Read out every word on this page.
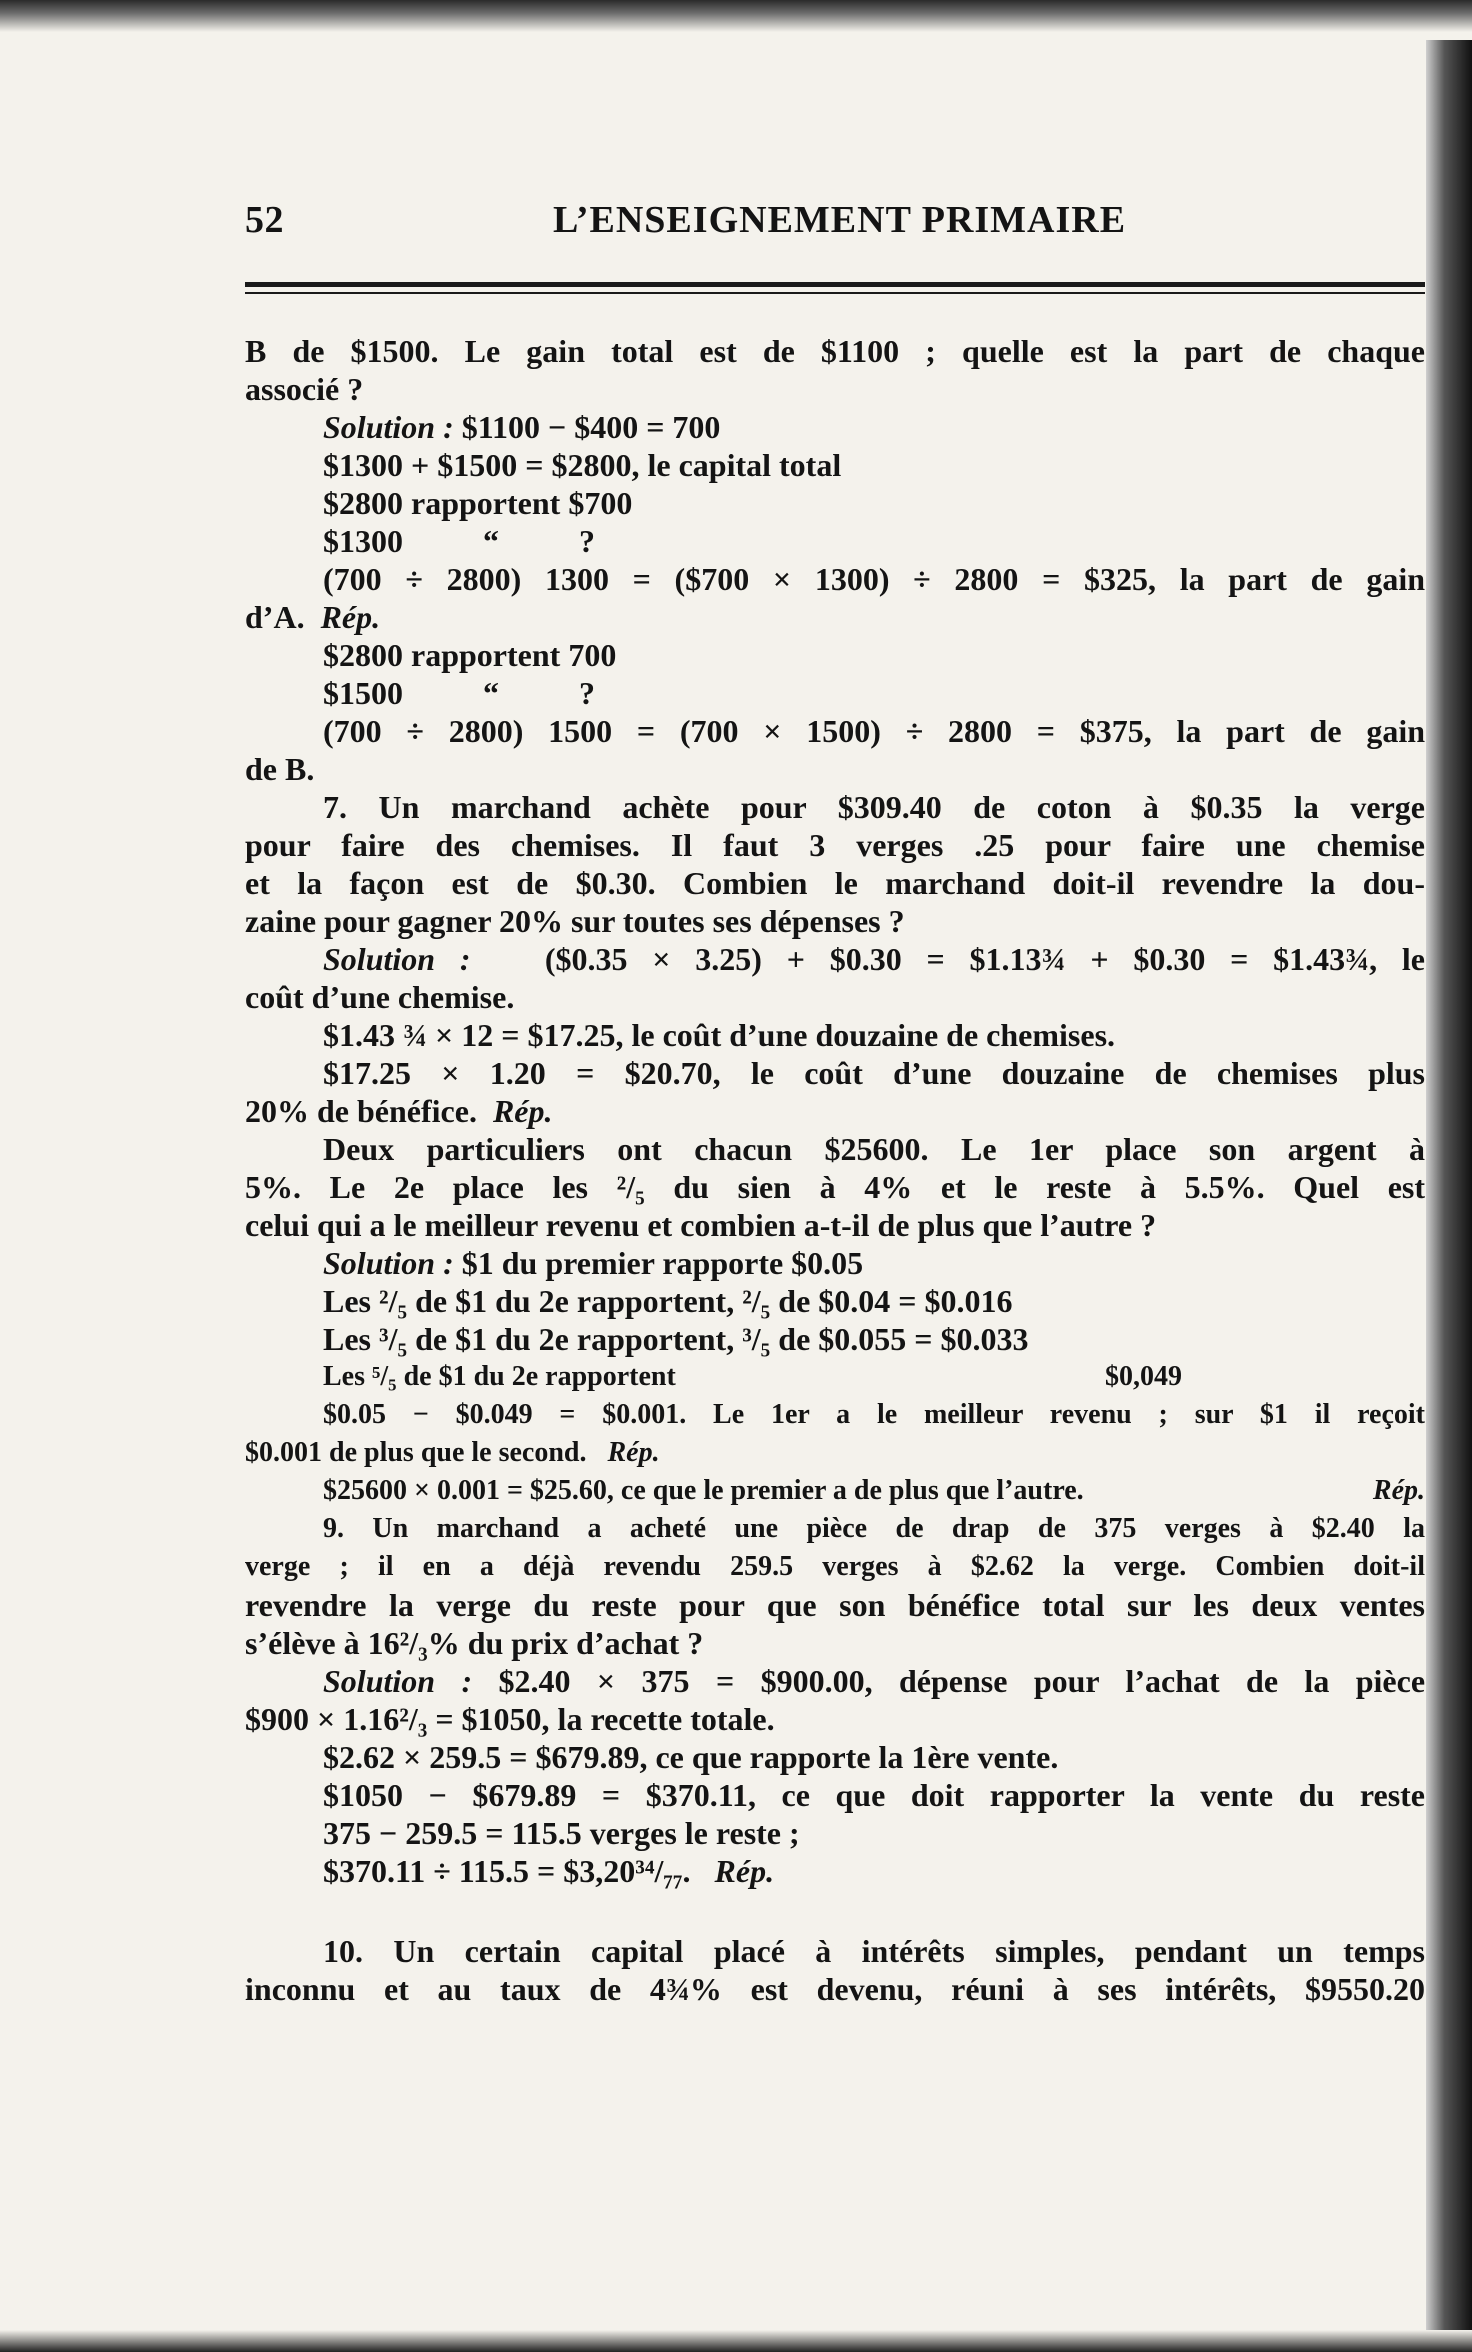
52	L’ENSEIGNEMENT PRIMAIRE
B de $1500. Le gain total est de $1100 ; quelle est la part de chaque
associé ?
Solution : $1100 − $400 = 700
$1300 + $1500 = $2800, le capital total
$2800 rapportent $700
$1300          “          ?
(700 ÷ 2800) 1300 = ($700 × 1300) ÷ 2800 = $325, la part de gain
d’A. Rép.
$2800 rapportent 700
$1500          “          ?
(700 ÷ 2800) 1500 = (700 × 1500) ÷ 2800 = $375, la part de gain
de B.
7. Un marchand achète pour $309.40 de coton à $0.35 la verge
pour faire des chemises. Il faut 3 verges .25 pour faire une chemise
et la façon est de $0.30. Combien le marchand doit-il revendre la dou-
zaine pour gagner 20% sur toutes ses dépenses ?
Solution : ($0.35 × 3.25) + $0.30 = $1.13¾ + $0.30 = $1.43¾, le
coût d’une chemise.
$1.43 ¾ × 12 = $17.25, le coût d’une douzaine de chemises.
$17.25 × 1.20 = $20.70, le coût d’une douzaine de chemises plus
20% de bénéfice. Rép.
Deux particuliers ont chacun $25600. Le 1er place son argent à
5%. Le 2e place les ²/₅ du sien à 4% et le reste à 5.5%. Quel est
celui qui a le meilleur revenu et combien a-t-il de plus que l’autre ?
Solution : $1 du premier rapporte $0.05
Les ²/₅ de $1 du 2e rapportent, ²/₅ de $0.04 = $0.016
Les ³/₅ de $1 du 2e rapportent, ³/₅ de $0.055 = $0.033
Les ⁵/₅ de $1 du 2e rapportent	$0,049
$0.05 − $0.049 = $0.001. Le 1er a le meilleur revenu ; sur $1 il reçoit
$0.001 de plus que le second. Rép.
$25600 × 0.001 = $25.60, ce que le premier a de plus que l’autre.	Rép.
9. Un marchand a acheté une pièce de drap de 375 verges à $2.40 la
verge ; il en a déjà revendu 259.5 verges à $2.62 la verge. Combien doit-il
revendre la verge du reste pour que son bénéfice total sur les deux ventes
s’élève à 16²/₃% du prix d’achat ?
Solution : $2.40 × 375 = $900.00, dépense pour l’achat de la pièce
$900 × 1.16²/₃ = $1050, la recette totale.
$2.62 × 259.5 = $679.89, ce que rapporte la 1ère vente.
$1050 − $679.89 = $370.11, ce que doit rapporter la vente du reste
375 − 259.5 = 115.5 verges le reste ;
$370.11 ÷ 115.5 = $3,20³⁴/₇₇. Rép.
10. Un certain capital placé à intérêts simples, pendant un temps
inconnu et au taux de 4¾% est devenu, réuni à ses intérêts, $9550.20
